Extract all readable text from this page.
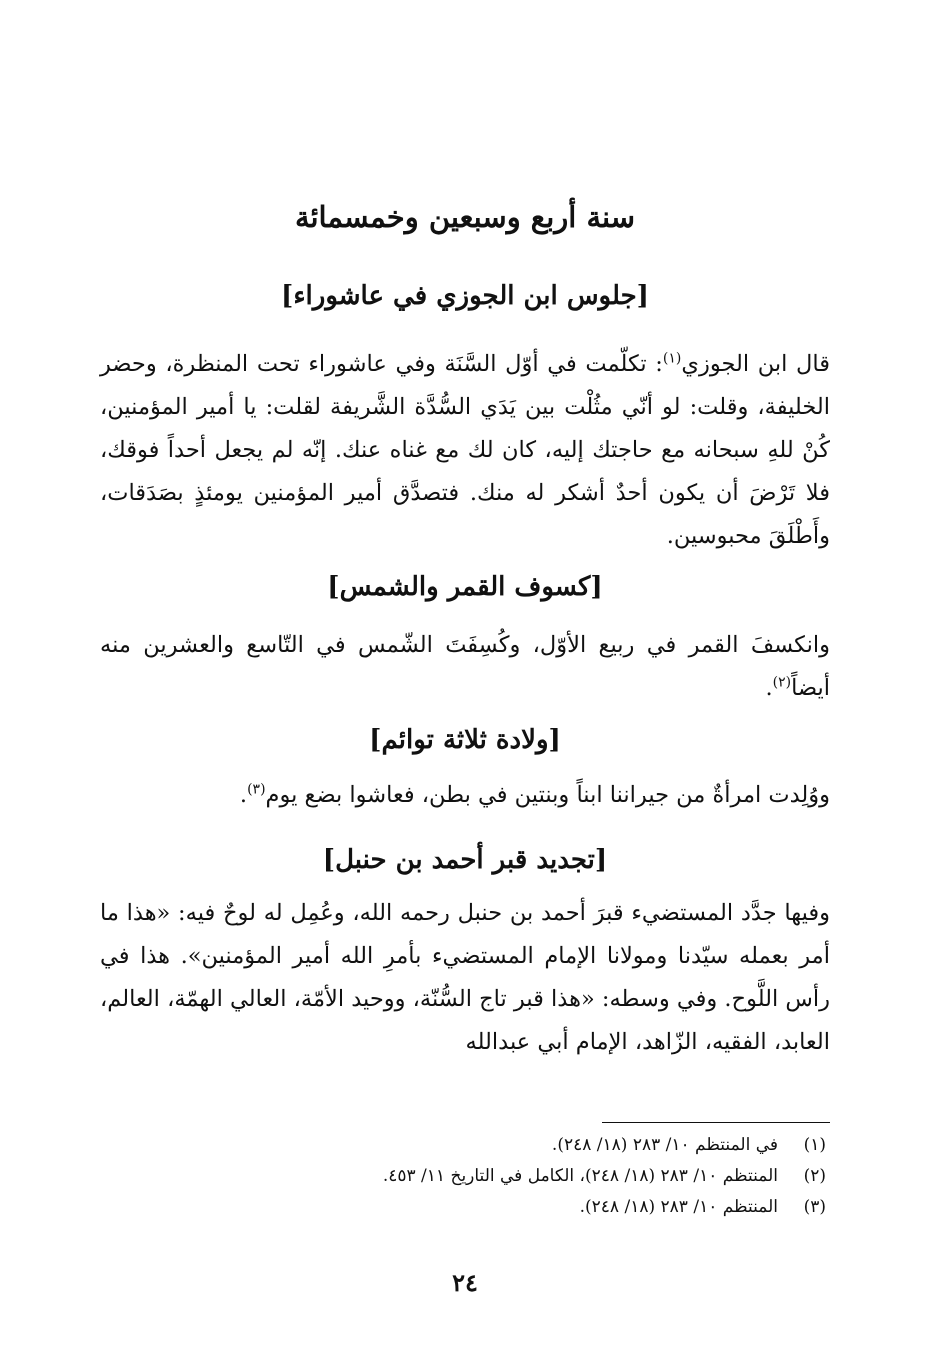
سنة أربع وسبعين وخمسمائة
[جلوس ابن الجوزي في عاشوراء]

قال ابن الجوزي$^{(١)}$: تكلّمت في أوّل السَّنَة وفي عاشوراء تحت المنظرة، وحضر الخليفة، وقلت: لو أنّي مثُلْت بين يَدَي السُّدَّة الشَّريفة لقلت: يا أمير المؤمنين، كُنْ للهِ سبحانه مع حاجتك إليه، كان لك مع غناه عنك. إنّه لم يجعل أحداً فوقك، فلا تَرْضَ أن يكون أحدٌ أشكر له منك. فتصدَّق أمير المؤمنين يومئذٍ بصَدَقات، وأَطْلَقَ محبوسين.

[كسوف القمر والشمس]

وانكسفَ القمر في ربيع الأوّل، وكُسِفَتَ الشّمس في التّاسع والعشرين منه أيضاً$^{(٢)}$.

[ولادة ثلاثة توائم]

ووُلِدت امرأةٌ من جيراننا ابناً وبنتين في بطن، فعاشوا بضع يوم$^{(٣)}$.

[تجديد قبر أحمد بن حنبل]

وفيها جدَّد المستضيء قبرَ أحمد بن حنبل رحمه الله، وعُمِل له لوحٌ فيه: «هذا ما أمر بعمله سيّدنا ومولانا الإمام المستضيء بأمرِ الله أمير المؤمنين». هذا في رأس اللَّوح. وفي وسطه: «هذا قبر تاج السُّنّة، ووحيد الأمّة، العالي الهمّة، العالم، العابد، الفقيه، الزّاهد، الإمام أبي عبدالله

(١)
في المنتظم ١٠/ ٢٨٣ (١٨/ ٢٤٨).
(٢)
المنتظم ١٠/ ٢٨٣ (١٨/ ٢٤٨)، الكامل في التاريخ ١١/ ٤٥٣.
(٣)
المنتظم ١٠/ ٢٨٣ (١٨/ ٢٤٨).
٢٤
